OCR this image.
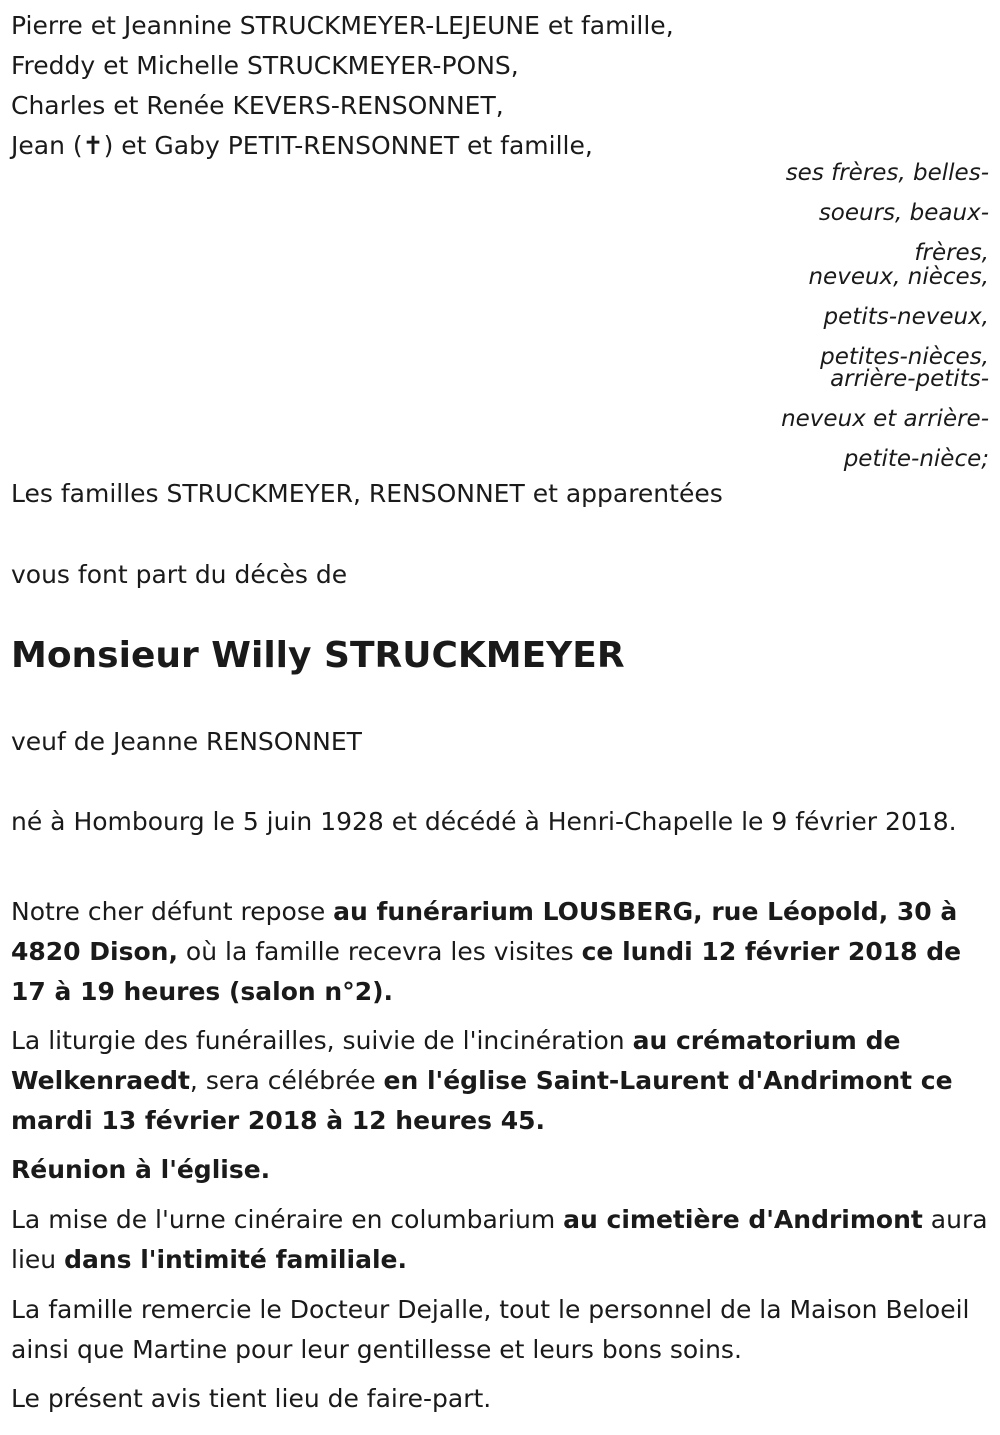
Pierre et Jeannine STRUCKMEYER-LEJEUNE et famille,
Freddy et Michelle STRUCKMEYER-PONS,
Charles et Renée KEVERS-RENSONNET,
Jean (✝) et Gaby PETIT-RENSONNET et famille,
ses frères, belles-
soeurs, beaux-
frères,
neveux, nièces,
petits-neveux,
petites-nièces,
arrière-petits-
neveux et arrière-
petite-nièce;
Les familles STRUCKMEYER, RENSONNET et apparentées
vous font part du décès de
Monsieur Willy STRUCKMEYER
veuf de Jeanne RENSONNET
né à Hombourg le 5 juin 1928 et décédé à Henri-Chapelle le 9 février 2018.
Notre cher défunt repose au funérarium LOUSBERG, rue Léopold, 30 à 4820 Dison, où la famille recevra les visites ce lundi 12 février 2018 de 17 à 19 heures (salon n°2).
La liturgie des funérailles, suivie de l'incinération au crématorium de Welkenraedt, sera célébrée en l'église Saint-Laurent d'Andrimont ce mardi 13 février 2018 à 12 heures 45.
Réunion à l'église.
La mise de l'urne cinéraire en columbarium au cimetière d'Andrimont aura lieu dans l'intimité familiale.
La famille remercie le Docteur Dejalle, tout le personnel de la Maison Beloeil ainsi que Martine pour leur gentillesse et leurs bons soins.
Le présent avis tient lieu de faire-part.
